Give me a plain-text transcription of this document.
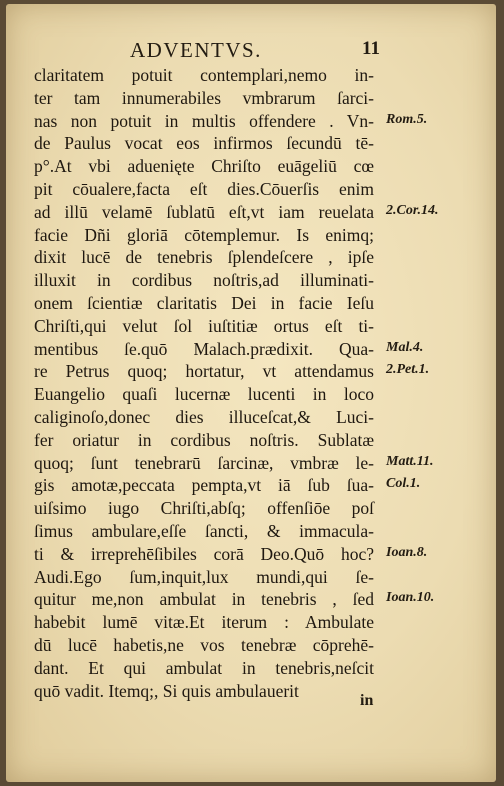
ADVENTVS.	11
claritatem potuit contemplari,nemo in-
ter tam innumerabiles vmbrarum ſarci-
nas non potuit in multis offendere . Vn-
de Paulus vocat eos infirmos ſecundū tē-
p°.At vbi aduenięte Chriſto euāgeliū cœ
pit cōualere,facta eſt dies.Cōuerſis enim
ad illū velamē ſublatū eſt,vt iam reuelata
facie Dñi gloriā cōtemplemur. Is enimq;
dixit lucē de tenebris ſplendeſcere , ipſe
illuxit in cordibus noſtris,ad illuminati-
onem ſcientiæ claritatis Dei in facie Ieſu
Chriſti,qui velut ſol iuſtitiæ ortus eſt ti-
mentibus ſe.quō Malach.prædixit. Qua-
re Petrus quoq; hortatur, vt attendamus
Euangelio quaſi lucernæ lucenti in loco
caliginoſo,donec dies illuceſcat,& Luci-
fer oriatur in cordibus noſtris. Sublatæ
quoq; ſunt tenebrarū ſarcinæ, vmbræ le-
gis amotæ,peccata pempta,vt iā ſub ſua-
uiſsimo iugo Chriſti,abſq; offenſiōe poſ
ſimus ambulare,eſſe ſancti, & immacula-
ti & irreprehēſibiles corā Deo.Quō hoc?
Audi.Ego ſum,inquit,lux mundi,qui ſe-
quitur me,non ambulat in tenebris , ſed
habebit lumē vitæ.Et iterum : Ambulate
dū lucē habetis,ne vos tenebræ cōprehē-
dant. Et qui ambulat in tenebris,neſcit
quō vadit. Itemq;, Si quis ambulauerit
Rom.5.
2.Cor.14.
Mal.4.
2.Pet.1.
Matt.11.
Col.1.
Ioan.8.
Ioan.10.
in
